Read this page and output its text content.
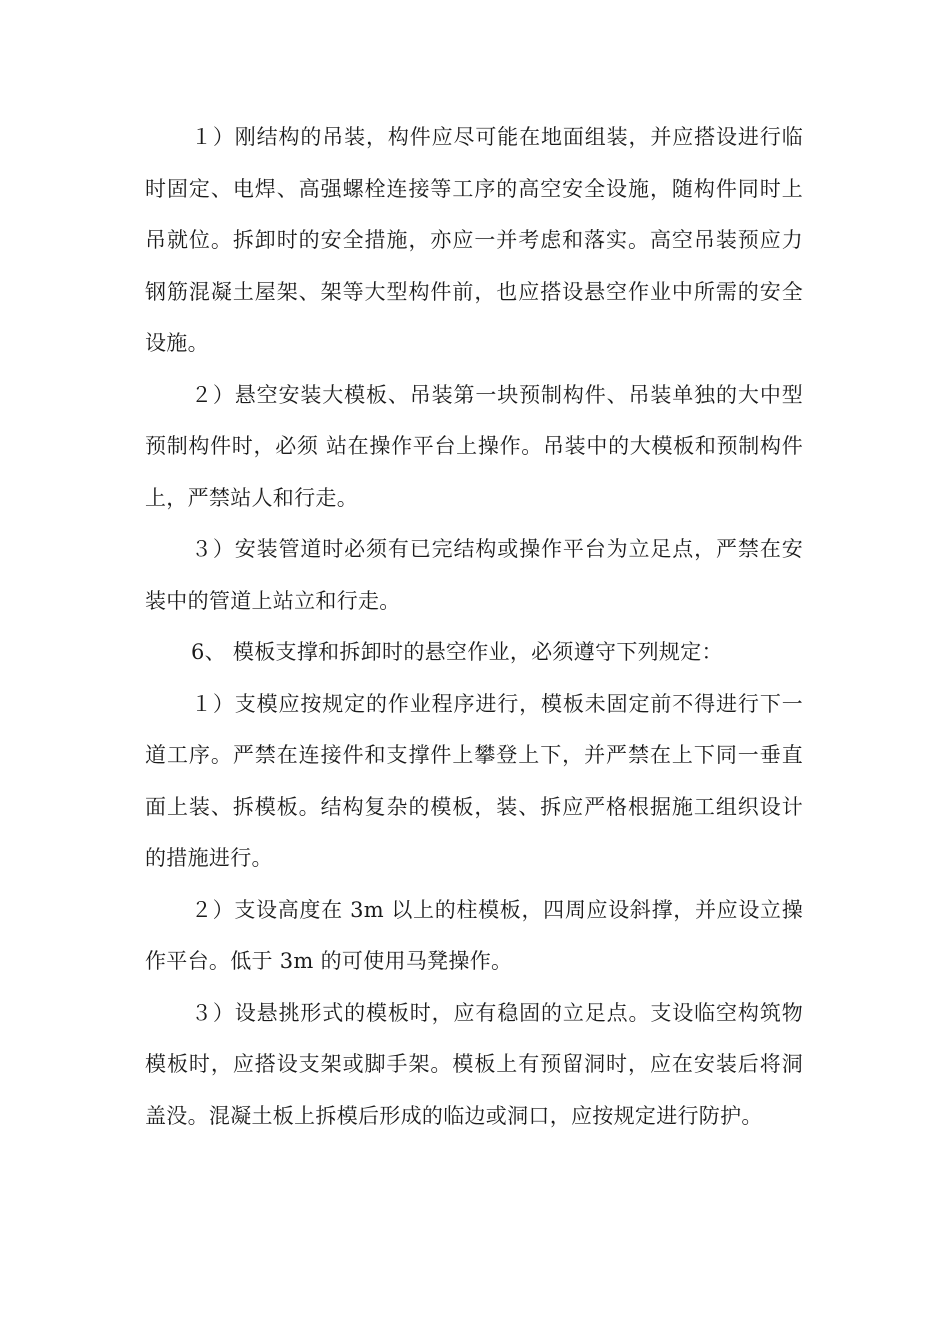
１）刚结构的吊装，构件应尽可能在地面组装，并应搭设进行临时固定、电焊、高强螺栓连接等工序的高空安全设施，随构件同时上吊就位。拆卸时的安全措施，亦应一并考虑和落实。高空吊装预应力钢筋混凝土屋架、架等大型构件前，也应搭设悬空作业中所需的安全设施。

２）悬空安装大模板、吊装第一块预制构件、吊装单独的大中型预制构件时，必须 站在操作平台上操作。吊装中的大模板和预制构件上，严禁站人和行走。

３）安装管道时必须有已完结构或操作平台为立足点，严禁在安装中的管道上站立和行走。

6、 模板支撑和拆卸时的悬空作业，必须遵守下列规定：

１）支模应按规定的作业程序进行，模板未固定前不得进行下一道工序。严禁在连接件和支撑件上攀登上下，并严禁在上下同一垂直面上装、拆模板。结构复杂的模板，装、拆应严格根据施工组织设计的措施进行。

２）支设高度在 3m 以上的柱模板，四周应设斜撑，并应设立操作平台。低于 3m 的可使用马凳操作。

３）设悬挑形式的模板时，应有稳固的立足点。支设临空构筑物模板时，应搭设支架或脚手架。模板上有预留洞时，应在安装后将洞盖没。混凝土板上拆模后形成的临边或洞口，应按规定进行防护。
